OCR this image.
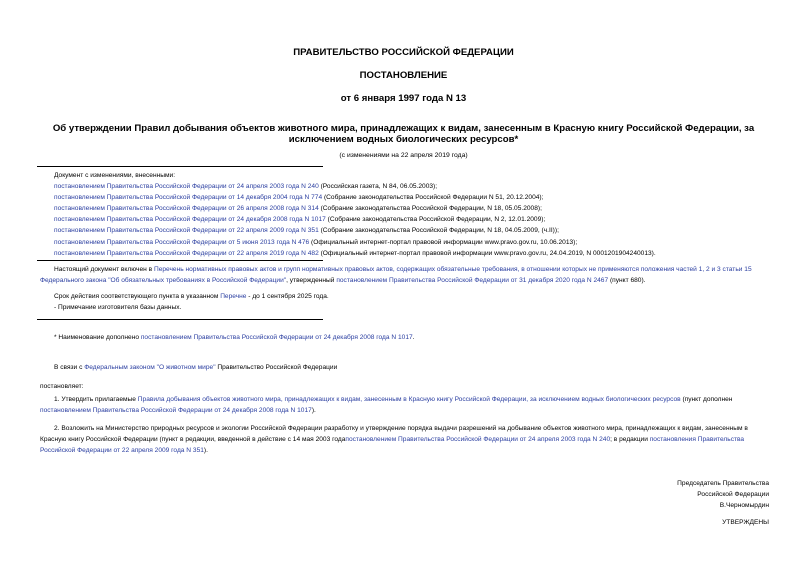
ПРАВИТЕЛЬСТВО РОССИЙСКОЙ ФЕДЕРАЦИИ
ПОСТАНОВЛЕНИЕ
от 6 января 1997 года N 13
Об утверждении Правил добывания объектов животного мира, принадлежащих к видам, занесенным в Красную книгу Российской Федерации, за исключением водных биологических ресурсов*
(с изменениями на 22 апреля 2019 года)
Документ с изменениями, внесенными:
постановлением Правительства Российской Федерации от 24 апреля 2003 года N 240 (Российская газета, N 84, 06.05.2003);
постановлением Правительства Российской Федерации от 14 декабря 2004 года N 774 (Собрание законодательства Российской Федерации N 51, 20.12.2004);
постановлением Правительства Российской Федерации от 26 апреля 2008 года N 314 (Собрание законодательства Российской Федерации, N 18, 05.05.2008);
постановлением Правительства Российской Федерации от 24 декабря 2008 года N 1017 (Собрание законодательства Российской Федерации, N 2, 12.01.2009);
постановлением Правительства Российской Федерации от 22 апреля 2009 года N 351 (Собрание законодательства Российской Федерации, N 18, 04.05.2009, (ч.II));
постановлением Правительства Российской Федерации от 5 июня 2013 года N 476 (Официальный интернет-портал правовой информации www.pravo.gov.ru, 10.06.2013);
постановлением Правительства Российской Федерации от 22 апреля 2019 года N 482 (Официальный интернет-портал правовой информации www.pravo.gov.ru, 24.04.2019, N 0001201904240013).
Настоящий документ включен в Перечень нормативных правовых актов и групп нормативных правовых актов, содержащих обязательные требования, в отношении которых не применяются положения частей 1, 2 и 3 статьи 15 Федерального закона "Об обязательных требованиях в Российской Федерации", утвержденный постановлением Правительства Российской Федерации от 31 декабря 2020 года N 2467 (пункт 680).
Срок действия соответствующего пункта в указанном Перечне - до 1 сентября 2025 года.
- Примечание изготовителя базы данных.
* Наименование дополнено постановлением Правительства Российской Федерации от 24 декабря 2008 года N 1017.
В связи с Федеральным законом "О животном мире" Правительство Российской Федерации
постановляет:
1. Утвердить прилагаемые Правила добывания объектов животного мира, принадлежащих к видам, занесенным в Красную книгу Российской Федерации, за исключением водных биологических ресурсов (пункт дополнен постановлением Правительства Российской Федерации от 24 декабря 2008 года N 1017).
2. Возложить на Министерство природных ресурсов и экологии Российской Федерации разработку и утверждение порядка выдачи разрешений на добывание объектов животного мира, принадлежащих к видам, занесенным в Красную книгу Российской Федерации (пункт в редакции, введенной в действие с 14 мая 2003 годапостановлением Правительства Российской Федерации от 24 апреля 2003 года N 240; в редакции постановления Правительства Российской Федерации от 22 апреля 2009 года N 351).
Председатель Правительства
Российской Федерации
В.Черномырдин
УТВЕРЖДЕНЫ
